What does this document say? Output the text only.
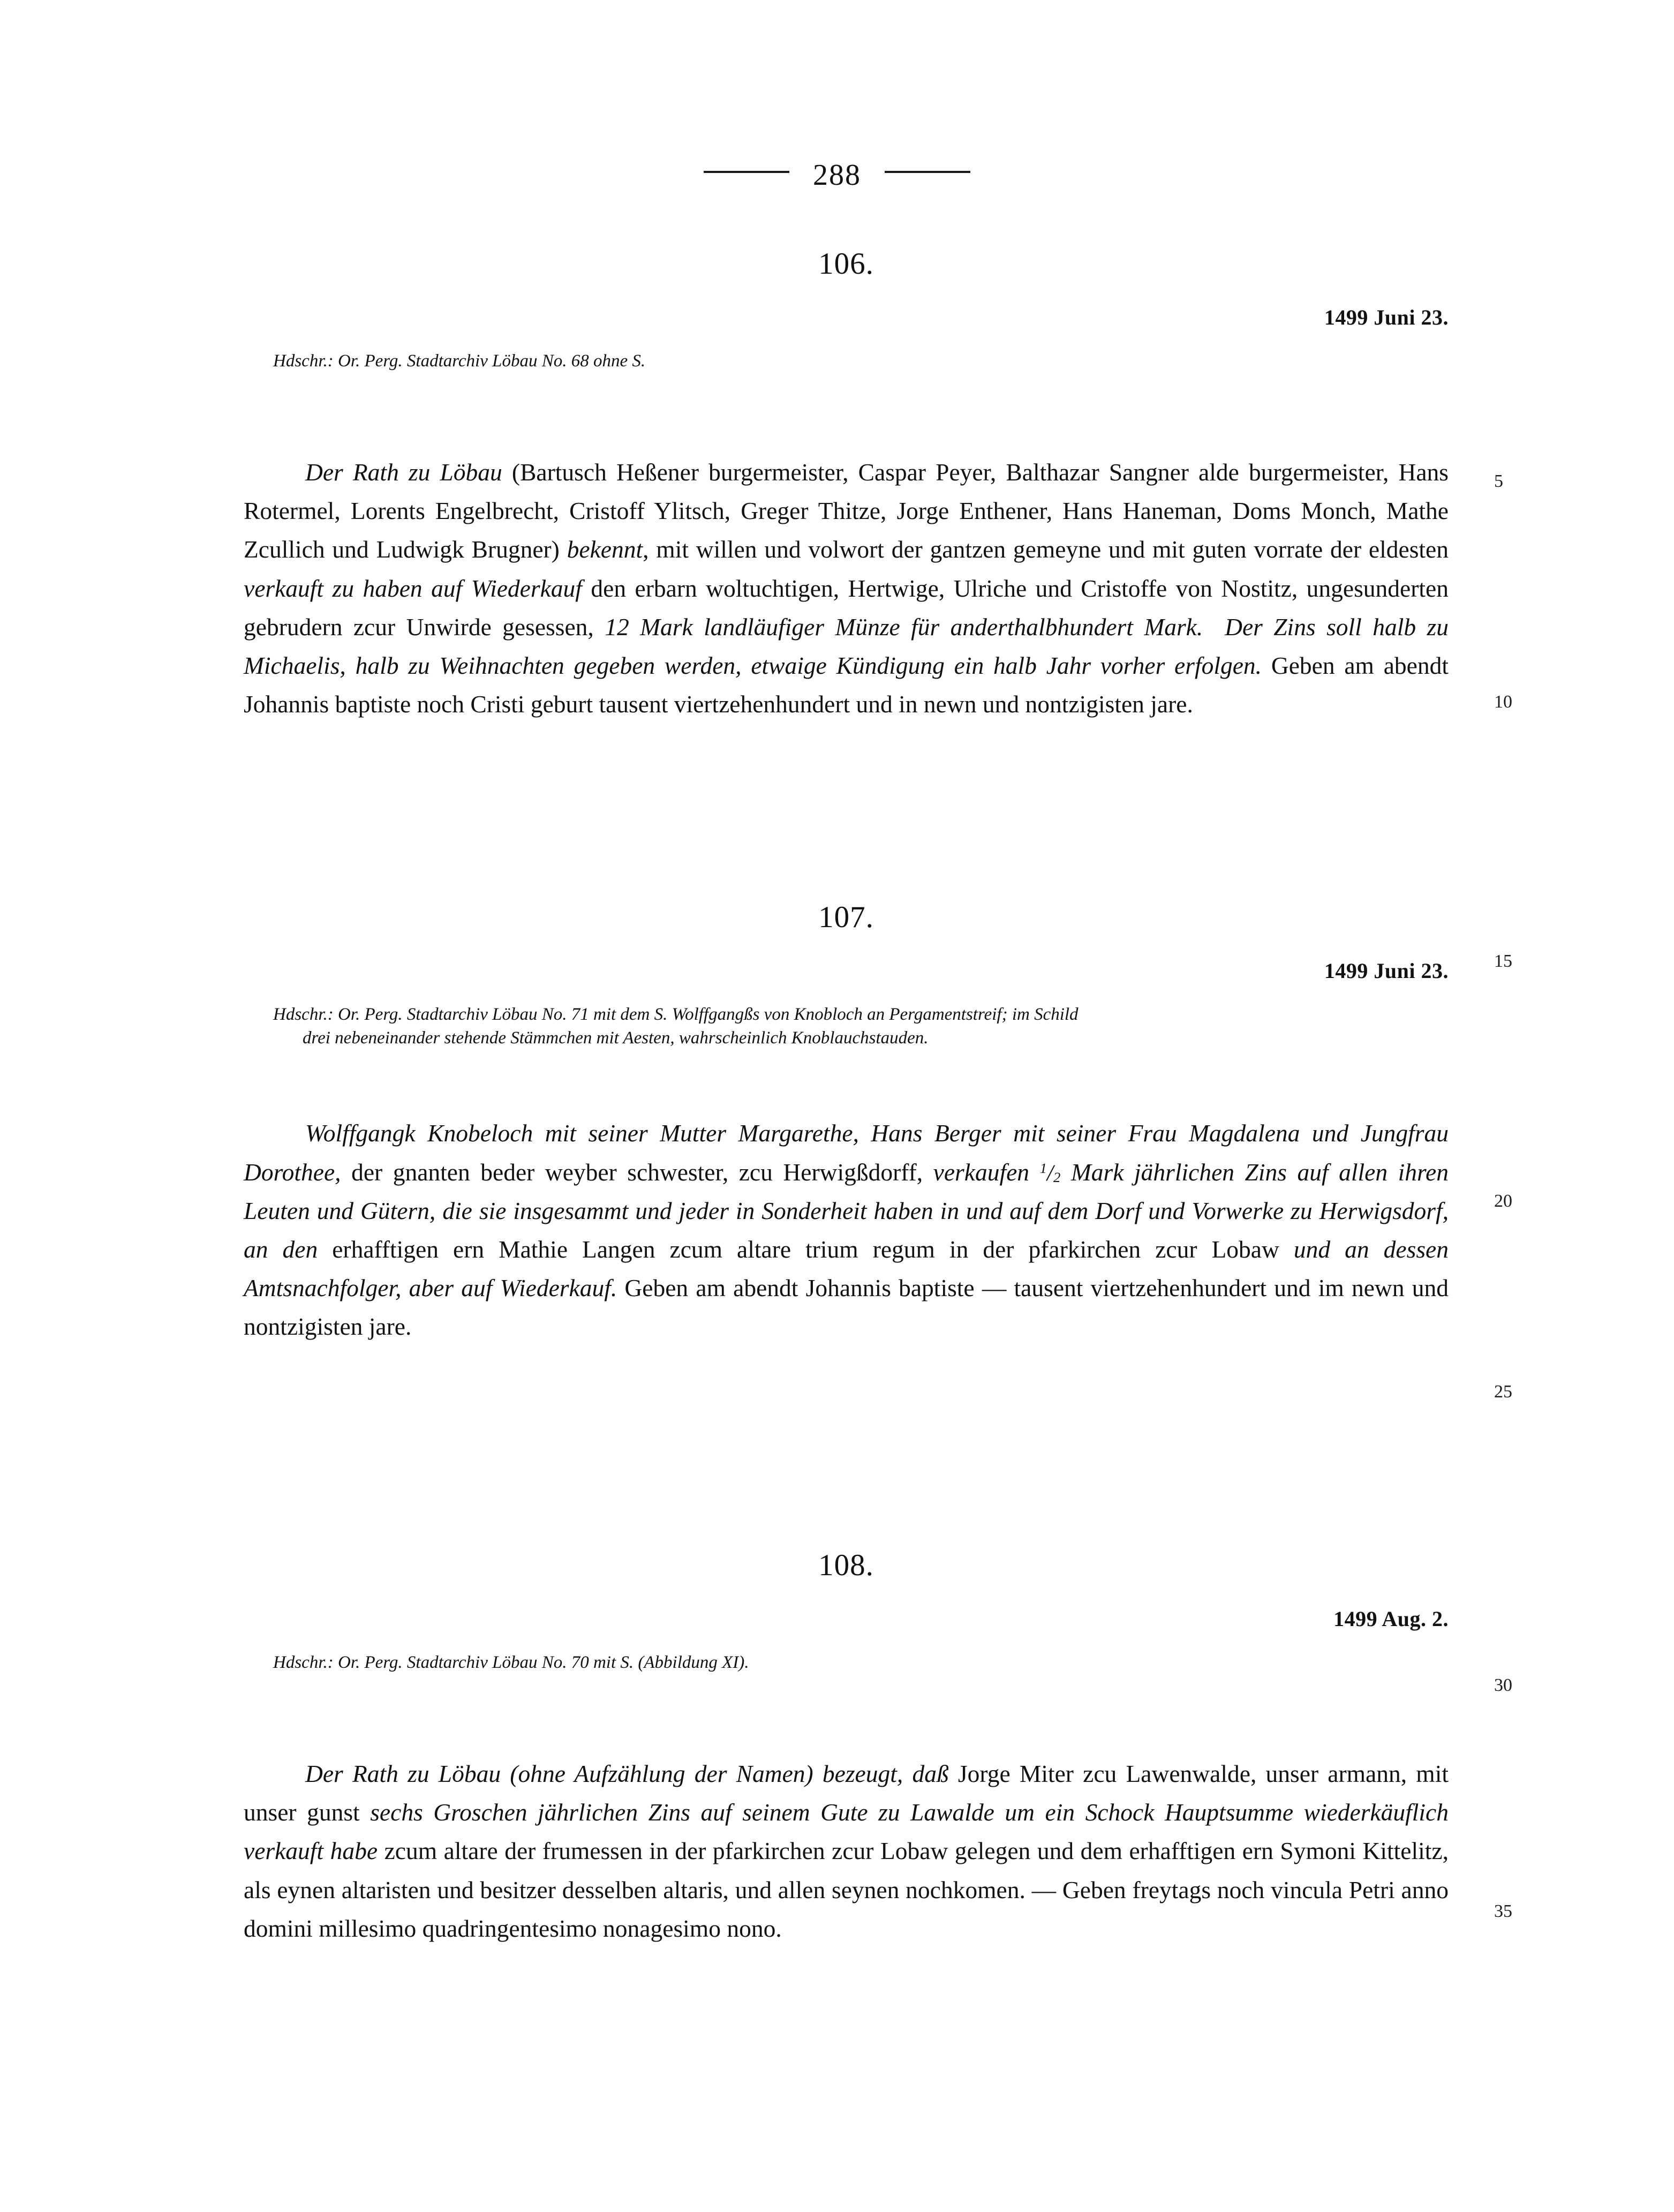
288
106.
1499 Juni 23.
Hdschr.: Or. Perg. Stadtarchiv Löbau No. 68 ohne S.
Der Rath zu Löbau (Bartusch Heßener burgermeister, Caspar Peyer, Balthazar Sangner alde burgermeister, Hans Rotermel, Lorents Engelbrecht, Cristoff Ylitsch, Greger Thitze, Jorge Enthener, Hans Haneman, Doms Monch, Mathe Zcullich und Ludwigk Brugner) bekennt, mit willen und volwort der gantzen gemeyne und mit guten vorrate der eldesten verkauft zu haben auf Wiederkauf den erbarn woltuchtigen, Hertwige, Ulriche und Cristoffe von Nostitz, ungesunderten gebrudern zcur Unwirde gesessen, 12 Mark landläufiger Münze für anderthalbhundert Mark.  Der Zins soll halb zu Michaelis, halb zu Weihnachten gegeben werden, etwaige Kündigung ein halb Jahr vorher erfolgen. Geben am abendt Johannis baptiste noch Cristi geburt tausent viertzehenhundert und in newn und nontzigisten jare.
107.
1499 Juni 23.
Hdschr.: Or. Perg. Stadtarchiv Löbau No. 71 mit dem S. Wolffgangßs von Knobloch an Pergamentstreif; im Schild
drei nebeneinander stehende Stämmchen mit Aesten, wahrscheinlich Knoblauchstauden.
Wolffgangk Knobeloch mit seiner Mutter Margarethe, Hans Berger mit seiner Frau Magdalena und Jungfrau Dorothee, der gnanten beder weyber schwester, zcu Herwigßdorff, verkaufen $^1/_2$ Mark jährlichen Zins auf allen ihren Leuten und Gütern, die sie insgesammt und jeder in Sonderheit haben in und auf dem Dorf und Vorwerke zu Herwigsdorf, an den erhafftigen ern Mathie Langen zcum altare trium regum in der pfarkirchen zcur Lobaw und an dessen Amtsnachfolger, aber auf Wiederkauf. Geben am abendt Johannis baptiste — tausent viertzehenhundert und im newn und nontzigisten jare.
108.
1499 Aug. 2.
Hdschr.: Or. Perg. Stadtarchiv Löbau No. 70 mit S. (Abbildung XI).
Der Rath zu Löbau (ohne Aufzählung der Namen) bezeugt, daß Jorge Miter zcu Lawenwalde, unser armann, mit unser gunst sechs Groschen jährlichen Zins auf seinem Gute zu Lawalde um ein Schock Hauptsumme wiederkäuflich verkauft habe zcum altare der frumessen in der pfarkirchen zcur Lobaw gelegen und dem erhafftigen ern Symoni Kittelitz, als eynen altaristen und besitzer desselben altaris, und allen seynen nochkomen. — Geben freytags noch vincula Petri anno domini millesimo quadringentesimo nonagesimo nono.
5
10
15
20
25
30
35
